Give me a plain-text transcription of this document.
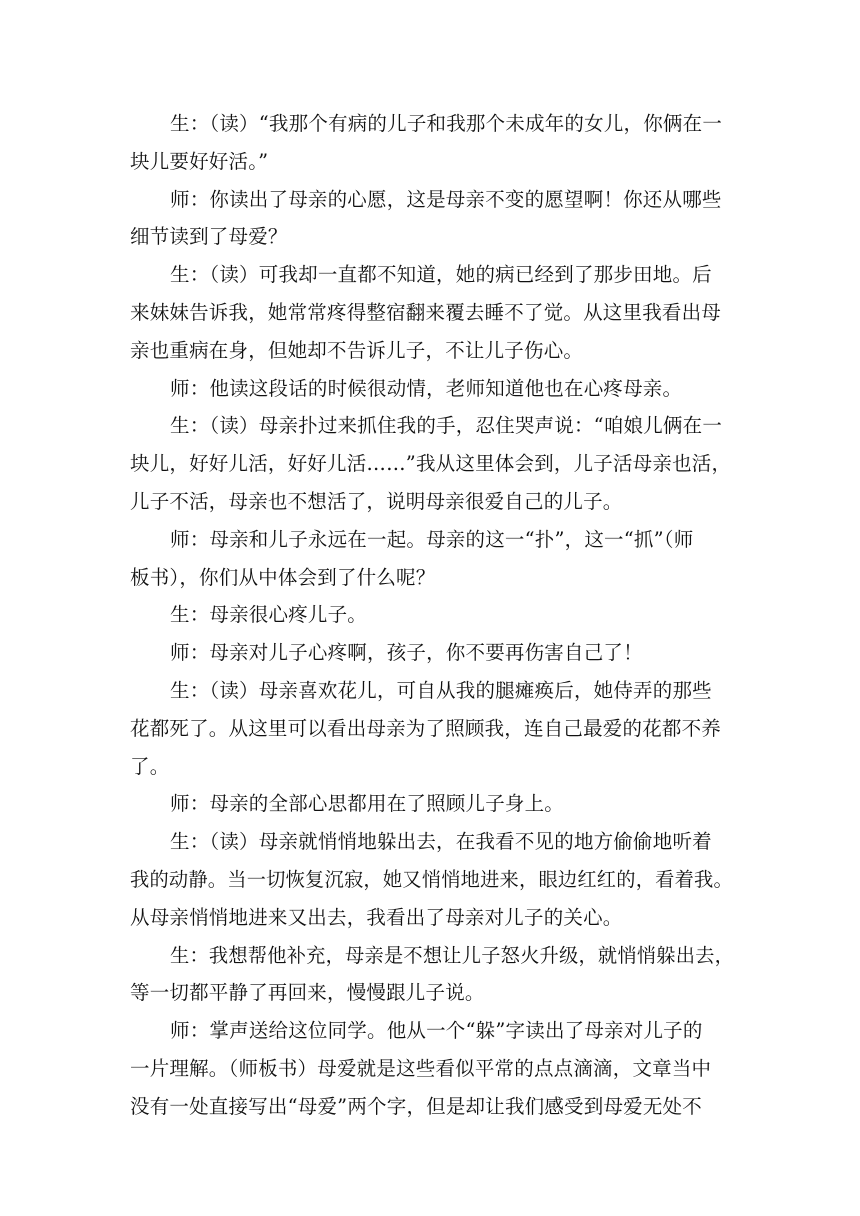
生：（读）“我那个有病的儿子和我那个未成年的女儿，你俩在一
块儿要好好活。”
师：你读出了母亲的心愿，这是母亲不变的愿望啊！你还从哪些
细节读到了母爱？
生：（读）可我却一直都不知道，她的病已经到了那步田地。后
来妹妹告诉我，她常常疼得整宿翻来覆去睡不了觉。从这里我看出母
亲也重病在身，但她却不告诉儿子，不让儿子伤心。
师：他读这段话的时候很动情，老师知道他也在心疼母亲。
生：（读）母亲扑过来抓住我的手，忍住哭声说：“咱娘儿俩在一
块儿，好好儿活，好好儿活……”我从这里体会到，儿子活母亲也活，
儿子不活，母亲也不想活了，说明母亲很爱自己的儿子。
师：母亲和儿子永远在一起。母亲的这一“扑”，这一“抓”（师
板书），你们从中体会到了什么呢？
生：母亲很心疼儿子。
师：母亲对儿子心疼啊，孩子，你不要再伤害自己了！
生：（读）母亲喜欢花儿，可自从我的腿瘫痪后，她侍弄的那些
花都死了。从这里可以看出母亲为了照顾我，连自己最爱的花都不养
了。
师：母亲的全部心思都用在了照顾儿子身上。
生：（读）母亲就悄悄地躲出去，在我看不见的地方偷偷地听着
我的动静。当一切恢复沉寂，她又悄悄地进来，眼边红红的，看着我。
从母亲悄悄地进来又出去，我看出了母亲对儿子的关心。
生：我想帮他补充，母亲是不想让儿子怒火升级，就悄悄躲出去，
等一切都平静了再回来，慢慢跟儿子说。
师：掌声送给这位同学。他从一个“躲”字读出了母亲对儿子的
一片理解。（师板书）母爱就是这些看似平常的点点滴滴，文章当中
没有一处直接写出“母爱”两个字，但是却让我们感受到母爱无处不
